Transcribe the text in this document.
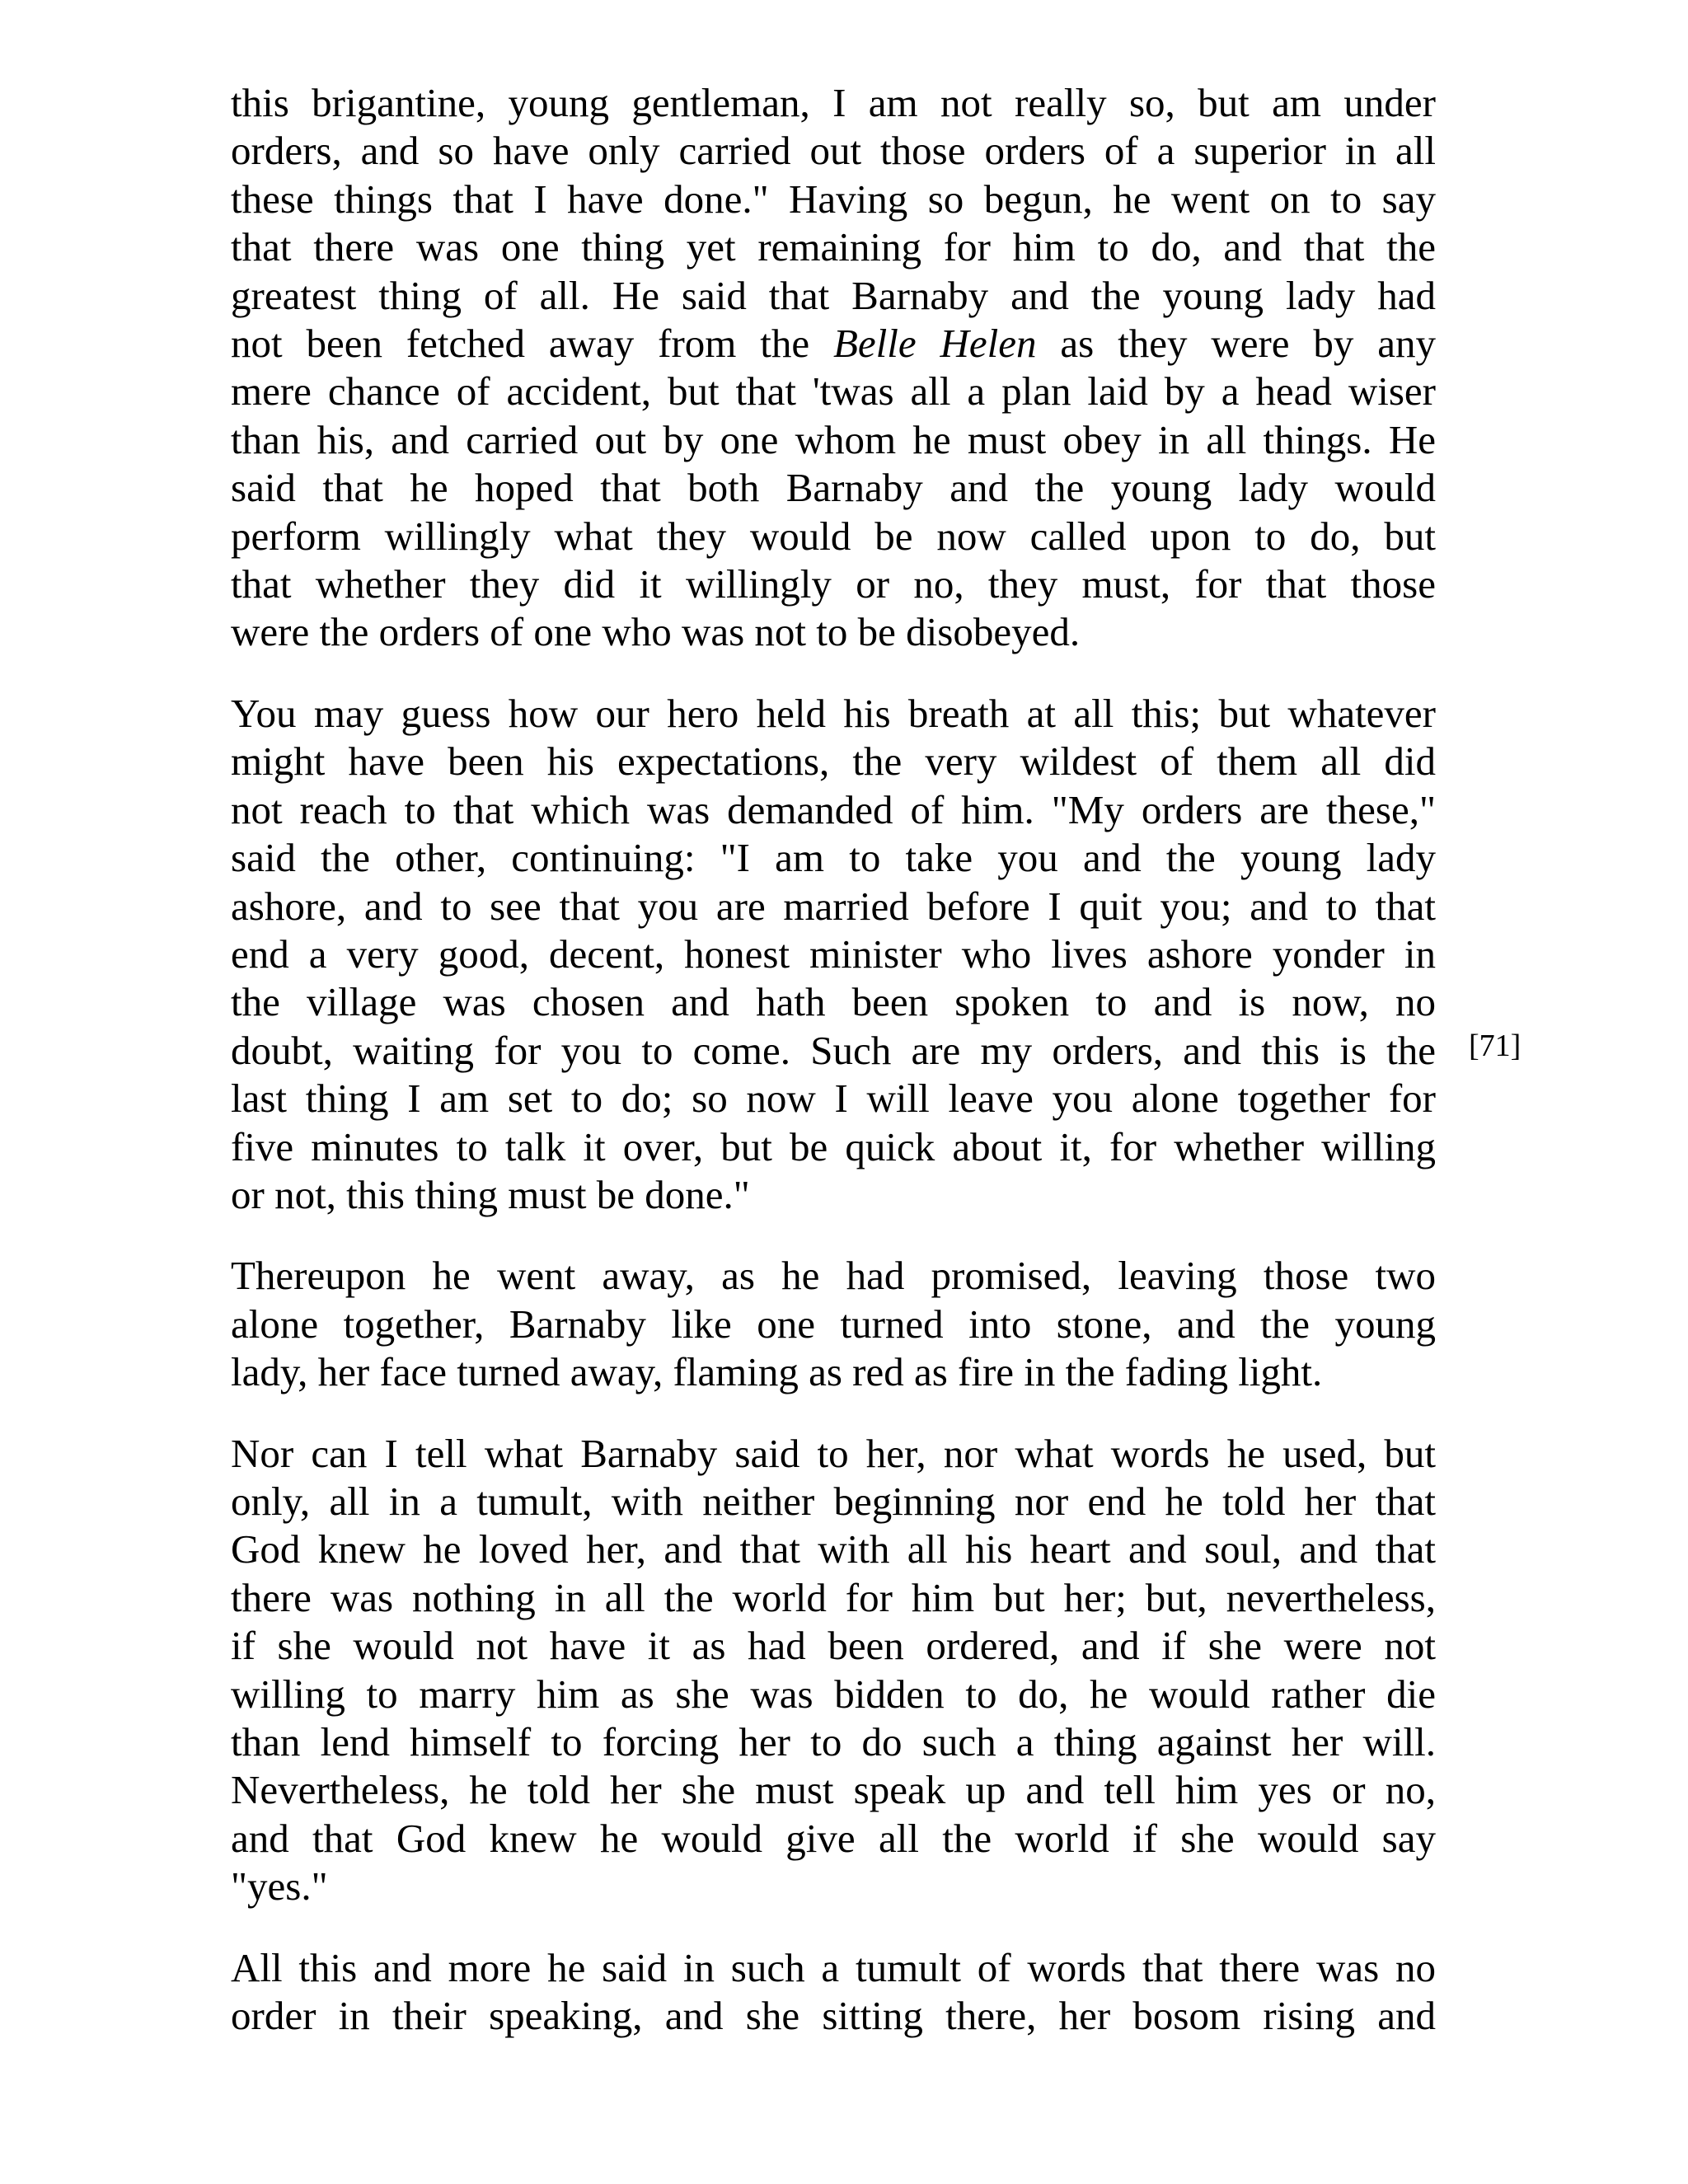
this brigantine, young gentleman, I am not really so, but am under
orders, and so have only carried out those orders of a superior in all
these things that I have done." Having so begun, he went on to say
that there was one thing yet remaining for him to do, and that the
greatest thing of all. He said that Barnaby and the young lady had
not been fetched away from the Belle Helen as they were by any
mere chance of accident, but that 'twas all a plan laid by a head wiser
than his, and carried out by one whom he must obey in all things. He
said that he hoped that both Barnaby and the young lady would
perform willingly what they would be now called upon to do, but
that whether they did it willingly or no, they must, for that those
were the orders of one who was not to be disobeyed.
You may guess how our hero held his breath at all this; but whatever
might have been his expectations, the very wildest of them all did
not reach to that which was demanded of him. "My orders are these,"
said the other, continuing: "I am to take you and the young lady
ashore, and to see that you are married before I quit you; and to that
end a very good, decent, honest minister who lives ashore yonder in
the village was chosen and hath been spoken to and is now, no
doubt, waiting for you to come. Such are my orders, and this is the
last thing I am set to do; so now I will leave you alone together for
five minutes to talk it over, but be quick about it, for whether willing
or not, this thing must be done."
Thereupon he went away, as he had promised, leaving those two
alone together, Barnaby like one turned into stone, and the young
lady, her face turned away, flaming as red as fire in the fading light.
Nor can I tell what Barnaby said to her, nor what words he used, but
only, all in a tumult, with neither beginning nor end he told her that
God knew he loved her, and that with all his heart and soul, and that
there was nothing in all the world for him but her; but, nevertheless,
if she would not have it as had been ordered, and if she were not
willing to marry him as she was bidden to do, he would rather die
than lend himself to forcing her to do such a thing against her will.
Nevertheless, he told her she must speak up and tell him yes or no,
and that God knew he would give all the world if she would say
"yes."
All this and more he said in such a tumult of words that there was no
order in their speaking, and she sitting there, her bosom rising and
[71]
